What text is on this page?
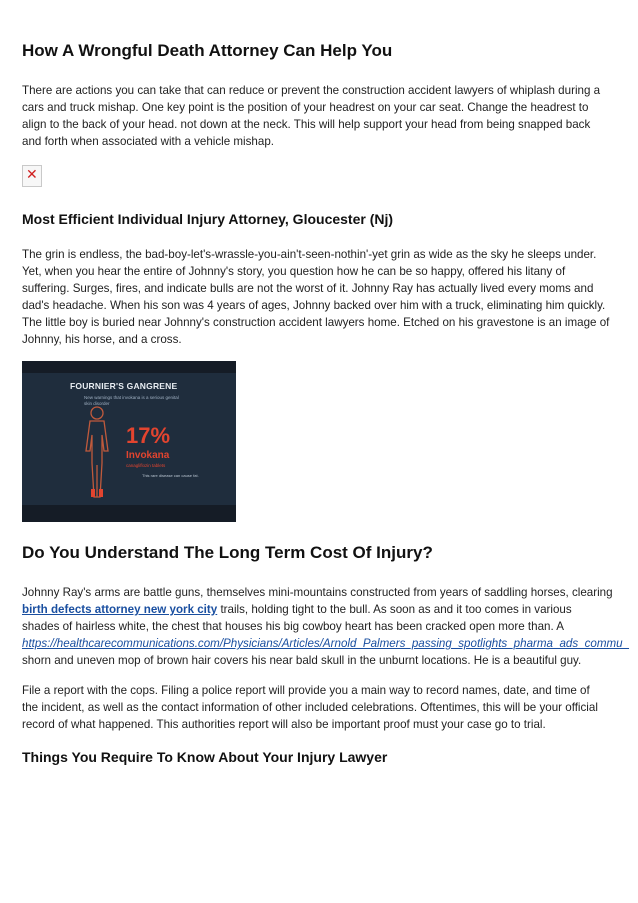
How A Wrongful Death Attorney Can Help You

There are actions you can take that can reduce or prevent the construction accident lawyers of whiplash during a
cars and truck mishap. One key point is the position of your headrest on your car seat. Change the headrest to
align to the back of your head. not down at the neck. This will help support your head from being snapped back
and forth when associated with a vehicle mishap.

✕
Most Efficient Individual Injury Attorney, Gloucester (Nj)

The grin is endless, the bad-boy-let's-wrassle-you-ain't-seen-nothin'-yet grin as wide as the sky he sleeps under.
Yet, when you hear the entire of Johnny's story, you question how he can be so happy, offered his litany of
suffering. Surges, fires, and indicate bulls are not the worst of it. Johnny Ray has actually lived every moms and
dad's headache. When his son was 4 years of ages, Johnny backed over him with a truck, eliminating him quickly.
The little boy is buried near Johnny's construction accident lawyers home. Etched on his gravestone is an image of
Johnny, his horse, and a cross.

FOURNIER'S GANGRENE
New warnings that invokana is a serious genital skin disorder
17%
Invokana
canagliflozin tablets
This rare disease can cause fat.
Do You Understand The Long Term Cost Of Injury?

Johnny Ray's arms are battle guns, themselves mini-mountains constructed from years of saddling horses, clearing
birth defects attorney new york city trails, holding tight to the bull. As soon as and it too comes in various
shades of hairless white, the chest that houses his big cowboy heart has been cracked open more than. A
https://healthcarecommunications.com/Physicians/Articles/Arnold_Palmers_passing_spotlights_pharma_ads_commu_
shorn and uneven mop of brown hair covers his near bald skull in the unburnt locations. He is a beautiful guy.

File a report with the cops. Filing a police report will provide you a main way to record names, date, and time of
the incident, as well as the contact information of other included celebrations. Oftentimes, this will be your official
record of what happened. This authorities report will also be important proof must your case go to trial.

Things You Require To Know About Your Injury Lawyer
